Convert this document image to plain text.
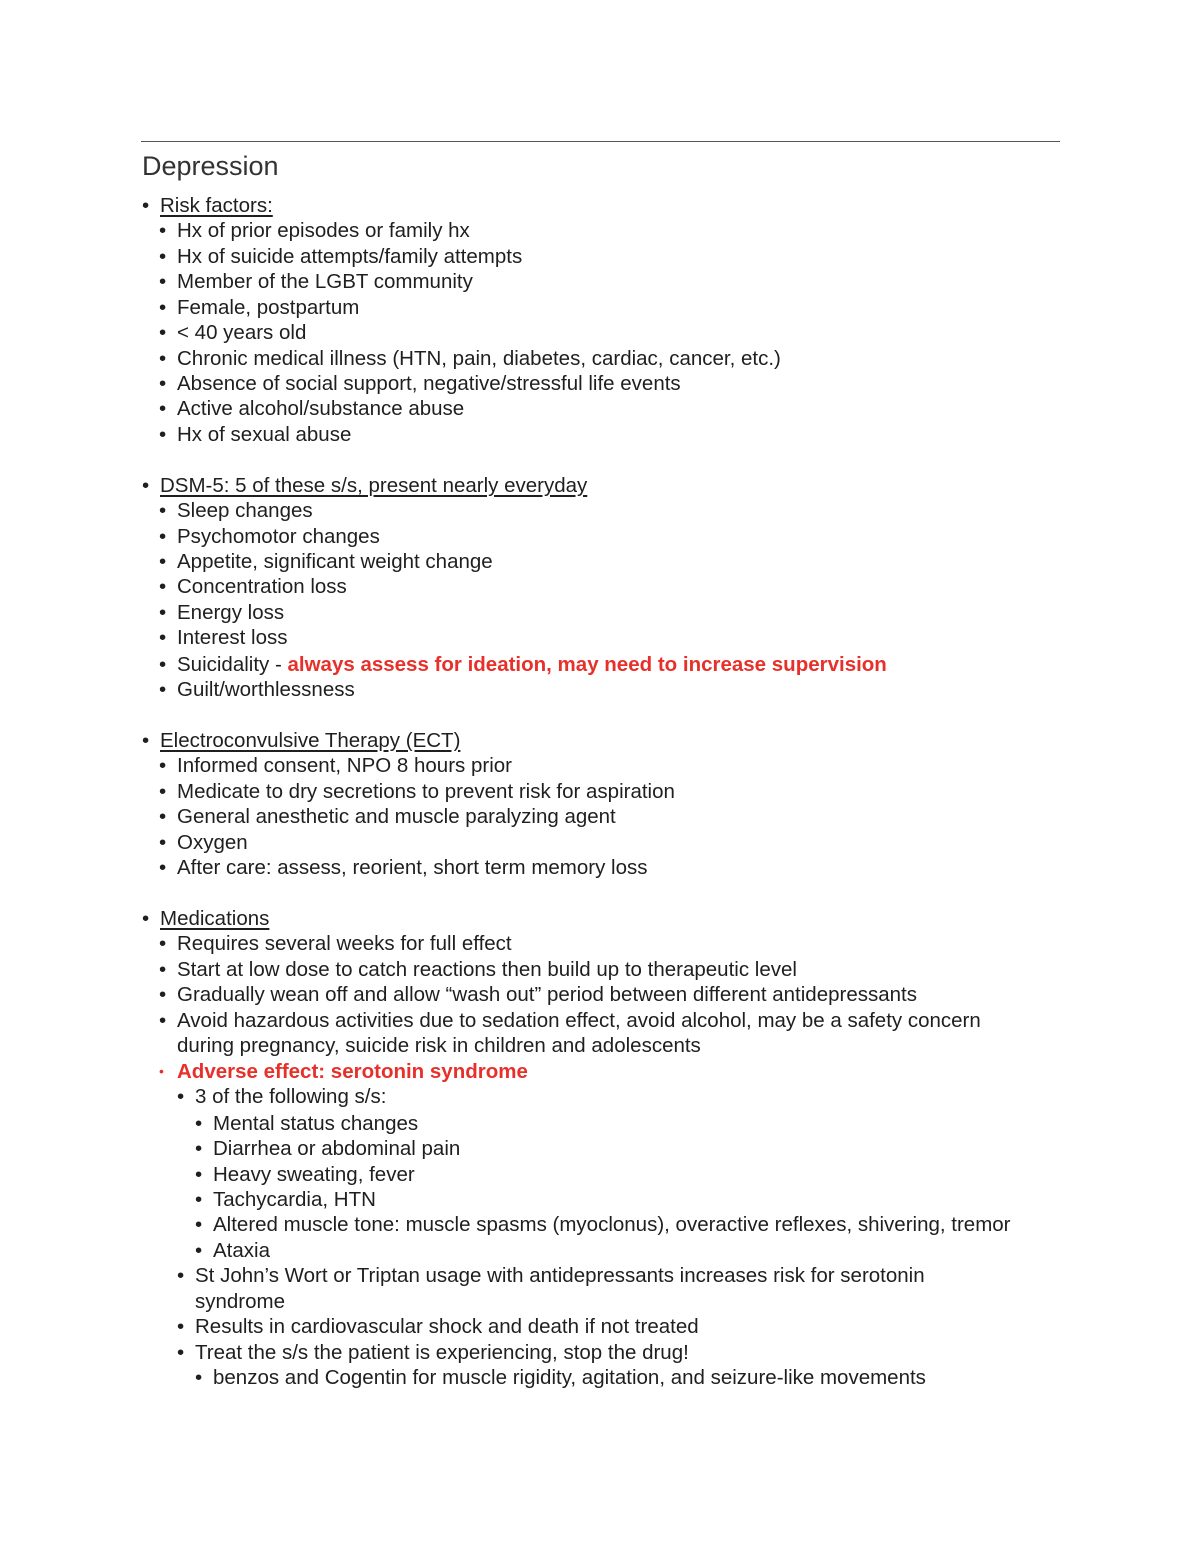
Depression
• Risk factors:
• Hx of prior episodes or family hx
• Hx of suicide attempts/family attempts
• Member of the LGBT community
• Female, postpartum
• < 40 years old
• Chronic medical illness (HTN, pain, diabetes, cardiac, cancer, etc.)
• Absence of social support, negative/stressful life events
• Active alcohol/substance abuse
• Hx of sexual abuse
• DSM-5: 5 of these s/s, present nearly everyday
• Sleep changes
• Psychomotor changes
• Appetite, significant weight change
• Concentration loss
• Energy loss
• Interest loss
• Suicidality - always assess for ideation, may need to increase supervision
• Guilt/worthlessness
• Electroconvulsive Therapy (ECT)
• Informed consent, NPO 8 hours prior
• Medicate to dry secretions to prevent risk for aspiration
• General anesthetic and muscle paralyzing agent
• Oxygen
• After care: assess, reorient, short term memory loss
• Medications
• Requires several weeks for full effect
• Start at low dose to catch reactions then build up to therapeutic level
• Gradually wean off and allow “wash out” period between different antidepressants
• Avoid hazardous activities due to sedation effect, avoid alcohol, may be a safety concern
during pregnancy, suicide risk in children and adolescents
• Adverse effect: serotonin syndrome
• 3 of the following s/s:
• Mental status changes
• Diarrhea or abdominal pain
• Heavy sweating, fever
• Tachycardia, HTN
• Altered muscle tone: muscle spasms (myoclonus), overactive reflexes, shivering, tremor
• Ataxia
• St John’s Wort or Triptan usage with antidepressants increases risk for serotonin
syndrome
• Results in cardiovascular shock and death if not treated
• Treat the s/s the patient is experiencing, stop the drug!
• benzos and Cogentin for muscle rigidity, agitation, and seizure-like movements
